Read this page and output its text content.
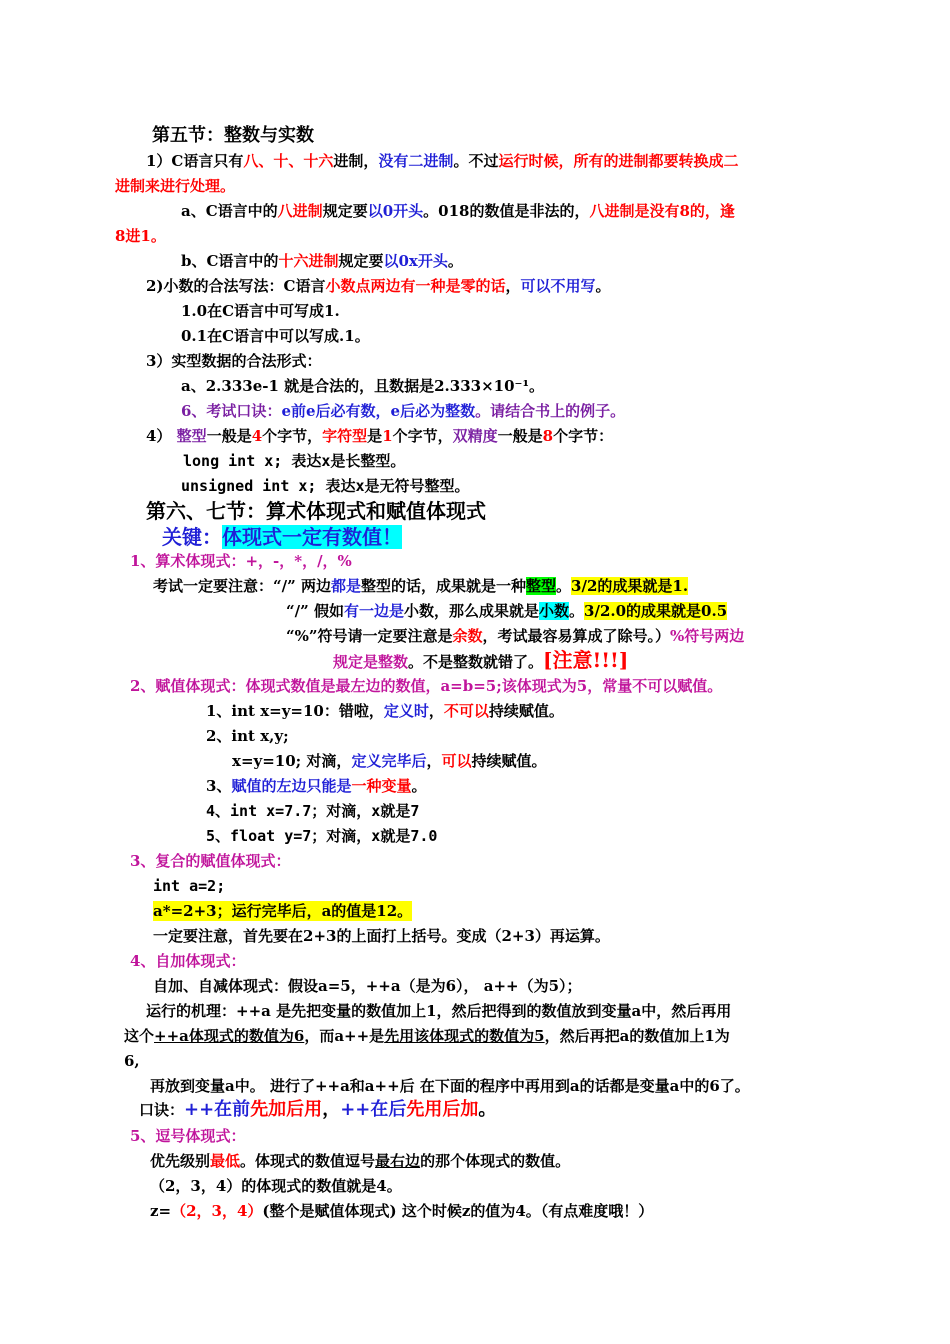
第五节：整数与实数
1）C语言只有八、十、十六进制，没有二进制。不过运行时候，所有的进制都要转换成二
进制来进行处理。
a、C语言中的八进制规定要以0开头。018的数值是非法的，八进制是没有8的，逢
8进1。
b、C语言中的十六进制规定要以0x开头。
2)小数的合法写法：C语言小数点两边有一种是零的话，可以不用写。
1.0在C语言中可写成1.
0.1在C语言中可以写成.1。
3）实型数据的合法形式：
a、2.333e-1 就是合法的，且数据是2.333×10⁻¹。
6、考试口诀：e前e后必有数，e后必为整数。请结合书上的例子。
4） 整型一般是4个字节，字符型是1个字节，双精度一般是8个字节：
long int x; 表达x是长整型。
unsigned int x; 表达x是无符号整型。
第六、七节：算术体现式和赋值体现式
关键：体现式一定有数值！
1、算术体现式：+，-，*，/，%
考试一定要注意：“/” 两边都是整型的话，成果就是一种整型。3/2的成果就是1.
“/” 假如有一边是小数，那么成果就是小数。3/2.0的成果就是0.5
“%”符号请一定要注意是余数，考试最容易算成了除号。）%符号两边
规定是整数。不是整数就错了。[注意!!!]
2、赋值体现式：体现式数值是最左边的数值，a=b=5;该体现式为5，常量不可以赋值。
1、int x=y=10：错啦，定义时，不可以持续赋值。
2、int x,y;
x=y=10; 对滴，定义完毕后，可以持续赋值。
3、赋值的左边只能是一种变量。
4、int x=7.7；对滴，x就是7
5、float y=7；对滴，x就是7.0
3、复合的赋值体现式：
int a=2;
a*=2+3；运行完毕后，a的值是12。
一定要注意，首先要在2+3的上面打上括号。变成（2+3）再运算。
4、自加体现式：
自加、自减体现式：假设a=5，++a（是为6）， a++（为5）；
运行的机理：++a 是先把变量的数值加上1，然后把得到的数值放到变量a中，然后再用
这个++a体现式的数值为6，而a++是先用该体现式的数值为5，然后再把a的数值加上1为
6,
再放到变量a中。 进行了++a和a++后 在下面的程序中再用到a的话都是变量a中的6了。
口诀：++在前先加后用，++在后先用后加。
5、逗号体现式：
优先级别最低。体现式的数值逗号最右边的那个体现式的数值。
（2，3，4）的体现式的数值就是4。
z=（2，3，4）(整个是赋值体现式) 这个时候z的值为4。（有点难度哦！）
